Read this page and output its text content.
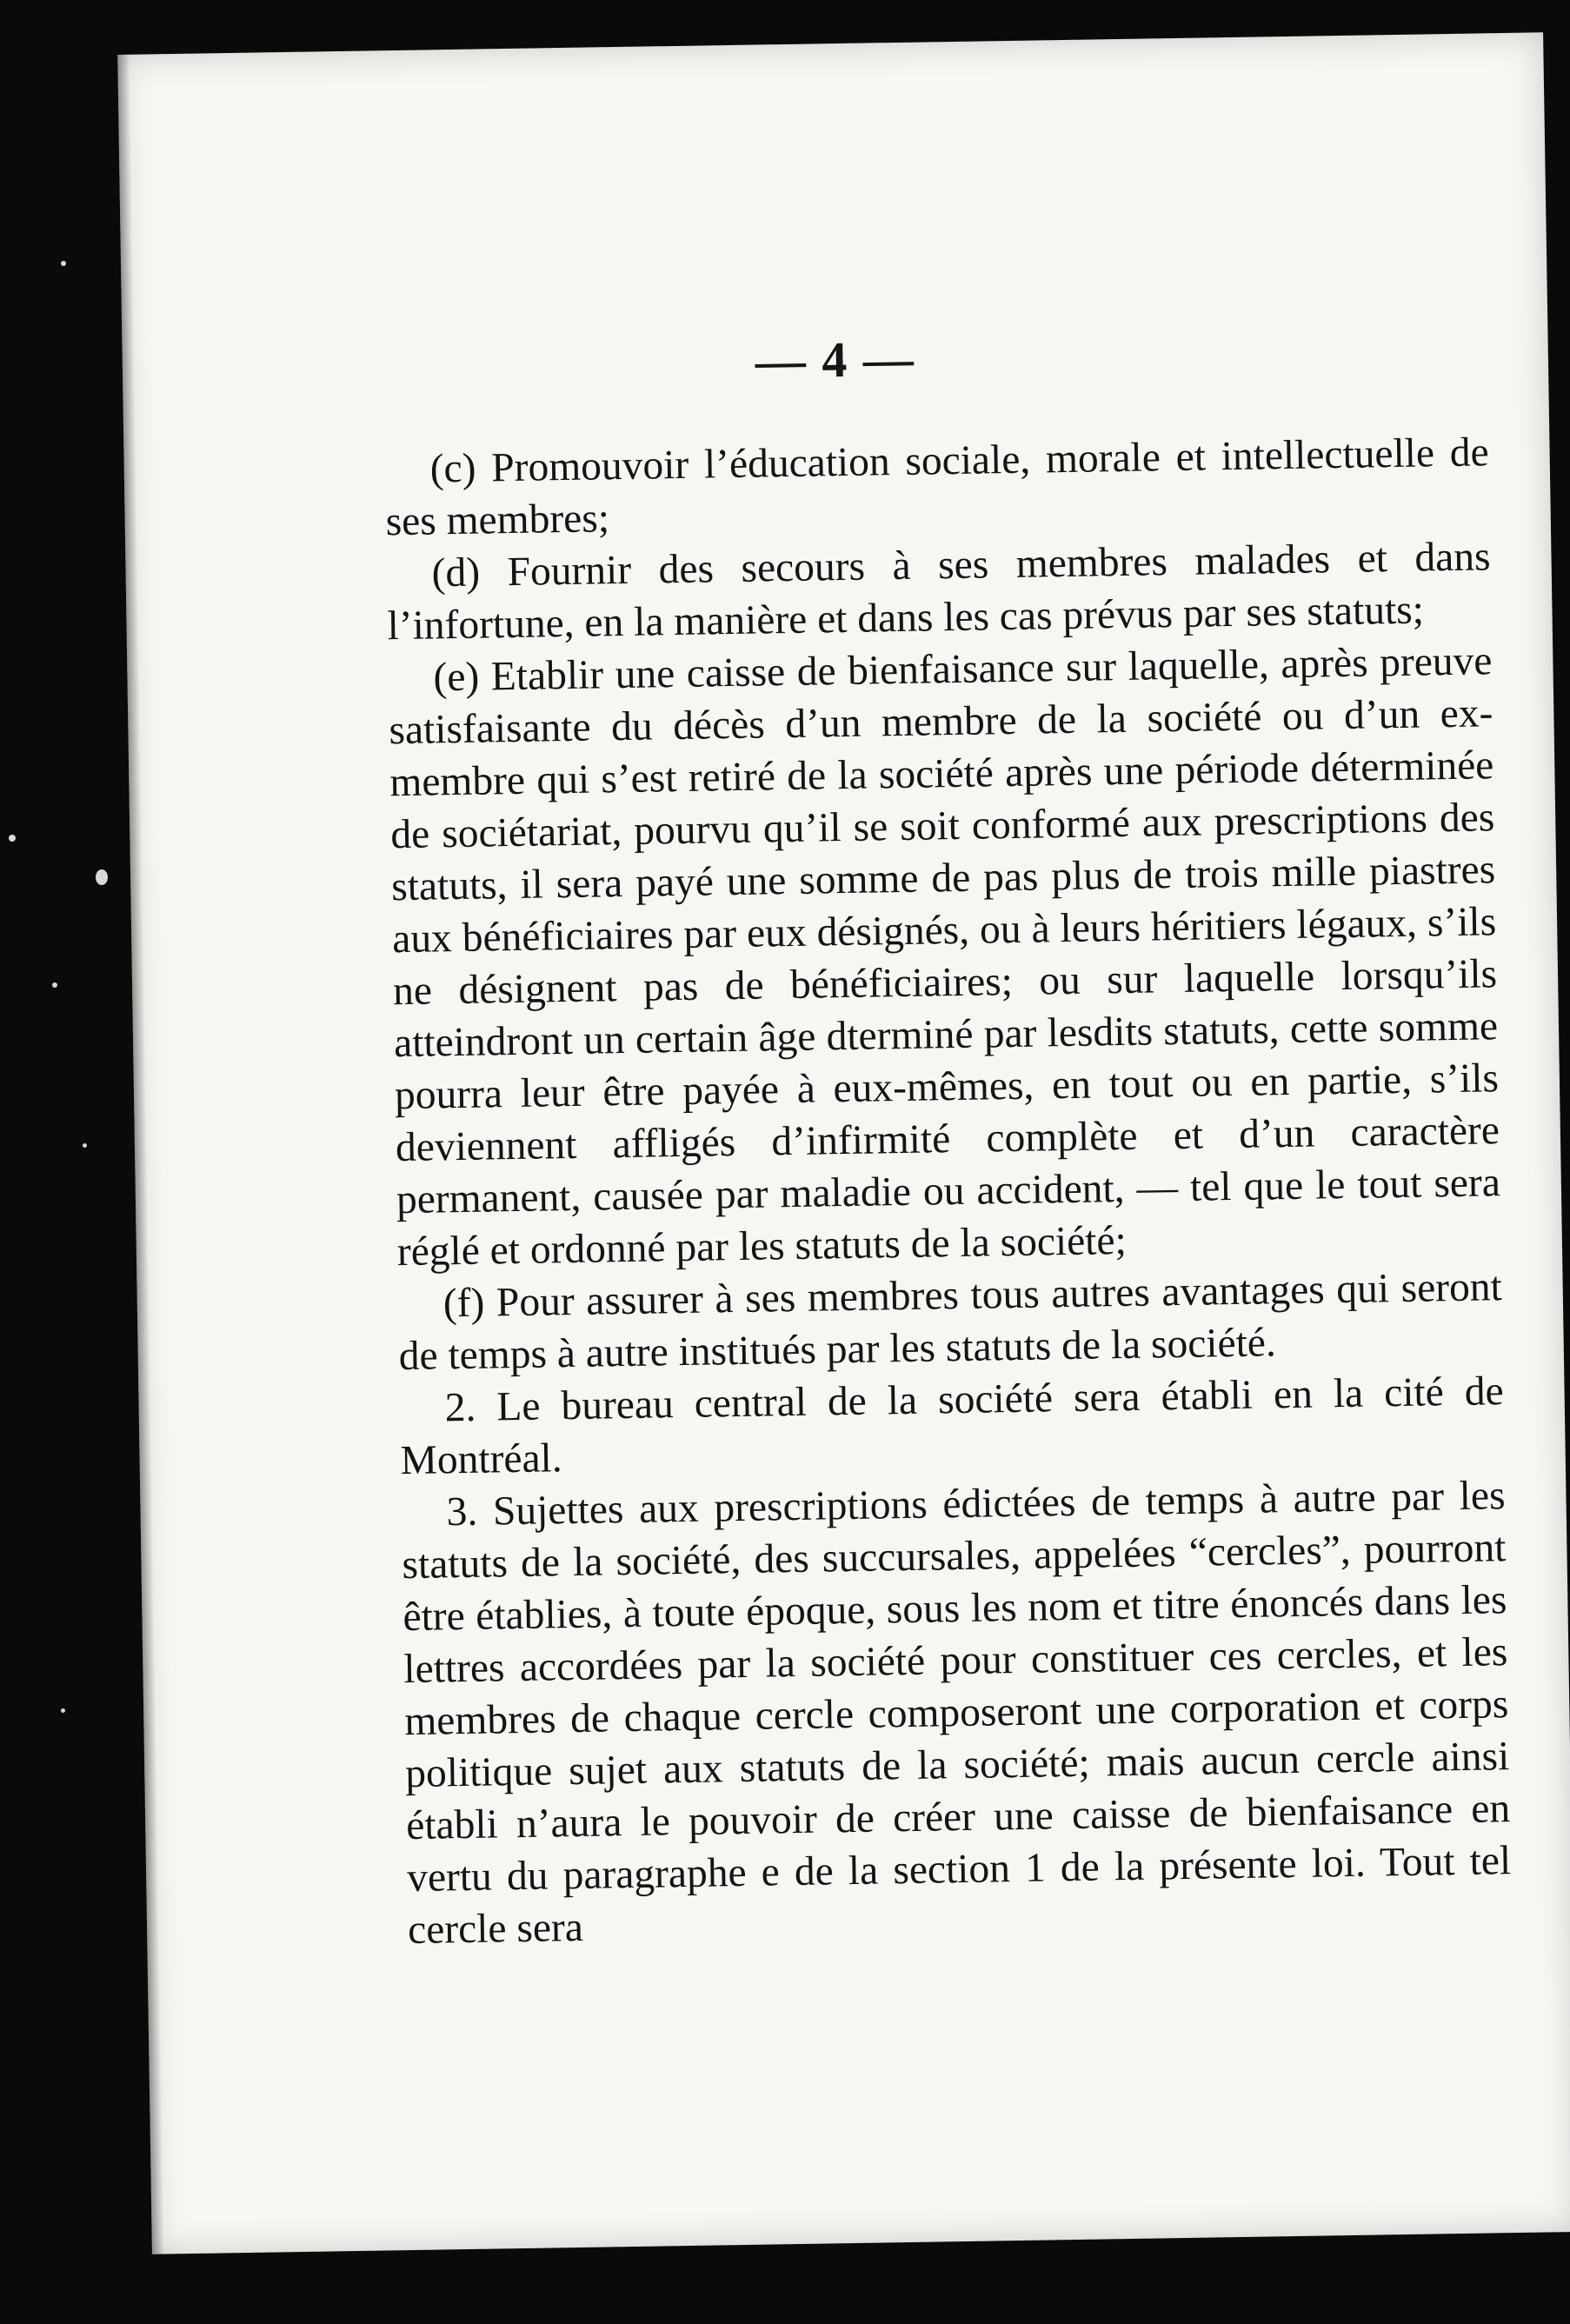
— 4 —

(c) Promouvoir l’éducation sociale, morale et intellectuelle de ses membres;

(d) Fournir des secours à ses membres malades et dans l’infortune, en la manière et dans les cas prévus par ses statuts;

(e) Etablir une caisse de bienfaisance sur laquelle, après preuve satisfaisante du décès d’un membre de la société ou d’un ex-membre qui s’est retiré de la société après une période déterminée de sociétariat, pourvu qu’il se soit conformé aux prescriptions des statuts, il sera payé une somme de pas plus de trois mille piastres aux bénéficiaires par eux désignés, ou à leurs héritiers légaux, s’ils ne désignent pas de bénéficiaires; ou sur laquelle lorsqu’ils atteindront un certain âge dterminé par lesdits statuts, cette somme pourra leur être payée à eux-mêmes, en tout ou en partie, s’ils deviennent affligés d’infirmité complète et d’un caractère permanent, causée par maladie ou accident, — tel que le tout sera réglé et ordonné par les statuts de la société;

(f) Pour assurer à ses membres tous autres avantages qui seront de temps à autre institués par les statuts de la société.

2. Le bureau central de la société sera établi en la cité de Montréal.

3. Sujettes aux prescriptions édictées de temps à autre par les statuts de la société, des succursales, appelées “cercles”, pourront être établies, à toute époque, sous les nom et titre énoncés dans les lettres accordées par la société pour constituer ces cercles, et les membres de chaque cercle composeront une corporation et corps politique sujet aux statuts de la société; mais aucun cercle ainsi établi n’aura le pouvoir de créer une caisse de bienfaisance en vertu du paragraphe e de la section 1 de la présente loi. Tout tel cercle sera
